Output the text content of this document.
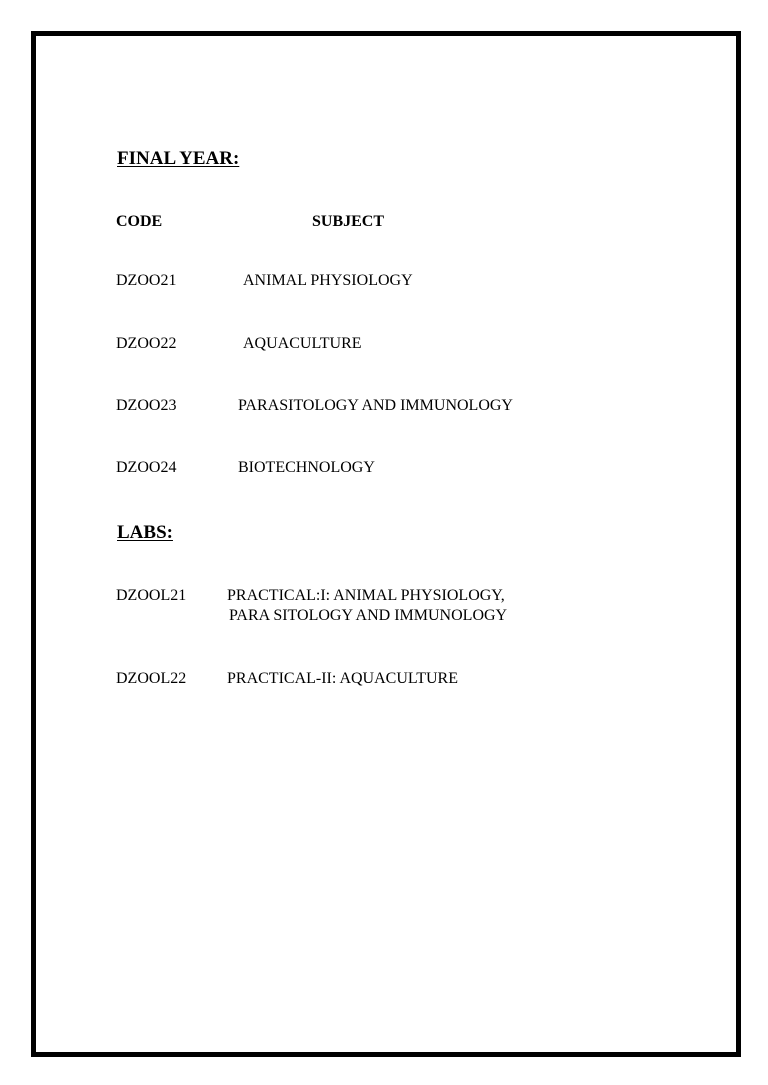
FINAL YEAR:
CODE	SUBJECT
DZOO21	ANIMAL PHYSIOLOGY
DZOO22	AQUACULTURE
DZOO23	PARASITOLOGY AND IMMUNOLOGY
DZOO24	BIOTECHNOLOGY
LABS:
DZOOL21	PRACTICAL:I: ANIMAL PHYSIOLOGY,
PARA SITOLOGY AND IMMUNOLOGY
DZOOL22	PRACTICAL-II: AQUACULTURE
